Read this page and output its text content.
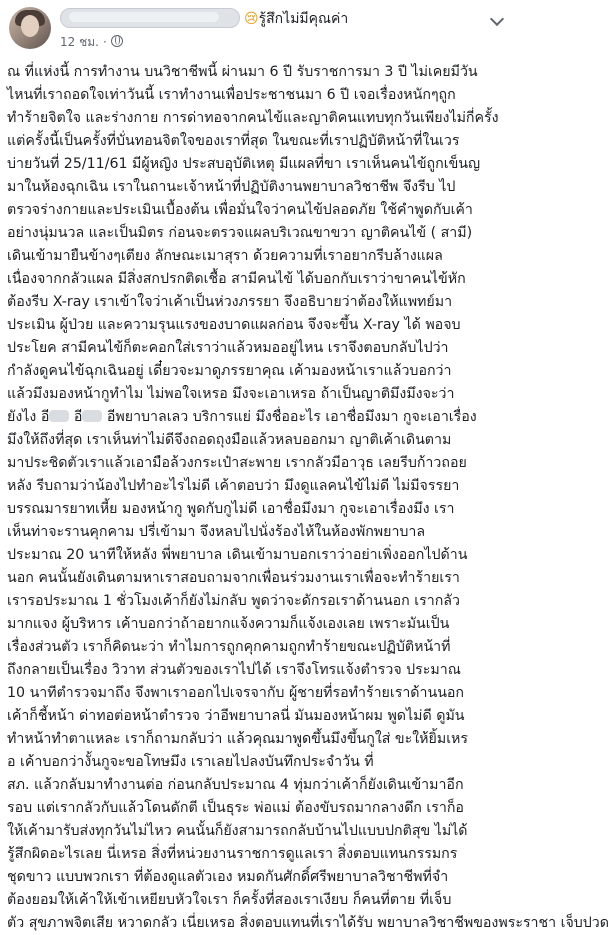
😢รู้สึกไม่มีคุณค่า
12 ชม. ·
ณ ที่แห่งนี้ การทำงาน บนวิชาชีพนี้ ผ่านมา 6 ปี รับราชการมา 3 ปี ไม่เคยมีวัน
ไหนที่เราถอดใจเท่าวันนี้ เราทำงานเพื่อประชาชนมา 6 ปี เจอเรื่องหนักๆถูก
ทำร้ายจิตใจ และร่างกาย การด่าทอจากคนไข้และญาติคนแทบทุกวันเพียงไม่กี่ครั้ง
แต่ครั้งนี้เป็นครั้งที่บั่นทอนจิตใจของเราที่สุด ในขณะที่เราปฏิบัติหน้าที่ในเวร
บ่ายวันที่ 25/11/61 มีผู้หญิง ประสบอุบัติเหตุ มีแผลที่ขา เราเห็นคนไข้ถูกเข็นญ
มาในห้องฉุกเฉิน เราในถานะเจ้าหน้าที่ปฏิบัติงานพยาบาลวิชาชีพ จึงรีบ ไป
ตรวจร่างกายและประเมินเบื้องต้น เพื่อมั่นใจว่าคนไข้ปลอดภัย ใช้คำพูดกับเค้า
อย่างนุ่มนวล และเป็นมิตร ก่อนจะตรวจแผลบริเวณขาขวา ญาติคนไข้ ( สามี)
เดินเข้ามายืนข้างๆเตียง ลักษณะเมาสุรา ด้วยความที่เราอยากรีบล้างแผล
เนื่องจากกลัวแผล มีสิ่งสกปรกติดเชื้อ สามีคนไข้ ได้บอกกับเราว่าขาคนไข้หัก
ต้องรีบ X-ray เราเข้าใจว่าเค้าเป็นห่วงภรรยา จึงอธิบายว่าต้องให้แพทย์มา
ประเมิน ผู้ป่วย และความรุนแรงของบาดแผลก่อน จึงจะขึ้น X-ray ได้ พอจบ
ประโยค สามีคนไข้ก็ตะคอกใส่เราว่าแล้วหมออยู่ไหน เราจึงตอบกลับไปว่า
กำลังดูคนไข้ฉุกเฉินอยู่ เดี๋ยวจะมาดูภรรยาคุณ เค้ามองหน้าเราแล้วบอกว่า
แล้วมึงมองหน้ากูทำไม ไม่พอใจเหรอ มึงจะเอาเหรอ ถ้าเป็นญาติมึงมึงจะว่า
ยังไง อี อี อีพยาบาลเลว บริการแย่ มึงชื่ออะไร เอาชื่อมึงมา กูจะเอาเรื่อง
มึงให้ถึงที่สุด เราเห็นท่าไม่ดีจึงถอดถุงมือแล้วหลบออกมา ญาติเค้าเดินตาม
มาประชิดตัวเราแล้วเอามือล้วงกระเป๋าสะพาย เรากลัวมีอาวุธ เลยรีบก้าวถอย
หลัง รีบถามว่าน้องไปทำอะไรไม่ดี เค้าตอบว่า มึงดูแลคนไข้ไม่ดี ไม่มีจรรยา
บรรณมารยาทเหี้ย มองหน้ากู พูดกับกูไม่ดี เอาชื่อมึงมา กูจะเอาเรื่องมึง เรา
เห็นท่าจะรานคุกคาม ปรี่เข้ามา จึงหลบไปนั่งร้องไห้ในห้องพักพยาบาล
ประมาณ 20 นาทีให้หลัง พี่พยาบาล เดินเข้ามาบอกเราว่าอย่าเพิ่งออกไปด้าน
นอก คนนั้นยังเดินตามหาเราสอบถามจากเพื่อนร่วมงานเราเพื่อจะทำร้ายเรา
เรารอประมาณ 1 ชั่วโมงเค้าก็ยังไม่กลับ พูดว่าจะดักรอเราด้านนอก เรากลัว
มากแจง ผู้บริหาร เค้าบอกว่าถ้าอยากแจ้งความก็แจ้งเองเลย เพราะมันเป็น
เรื่องส่วนตัว เราก็คิดนะว่า ทำไมการถูกคุกคามถูกทำร้ายขณะปฏิบัติหน้าที่
ถึงกลายเป็นเรื่อง วิวาท ส่วนตัวของเราไปได้ เราจึงโทรแจ้งตำรวจ ประมาณ
10 นาทีตำรวจมาถึง จึงพาเราออกไปเจรจากับ ผู้ชายที่รอทำร้ายเราด้านนอก
เค้าก็ชี้หน้า ด่าทอต่อหน้าตำรวจ ว่าอีพยาบาลนี่ มันมองหน้าผม พูดไม่ดี ดูมัน
ทำหน้าทำตาแหละ เราก็ถามกลับว่า แล้วคุณมาพูดขึ้นมึงขึ้นกูใส่ ขะให้ยิ้มเหร
อ เค้าบอกว่างั้นกูจะขอโทษมึง เราเลยไปลงบันทึกประจำวัน ที่
สภ. แล้วกลับมาทำงานต่อ ก่อนกลับประมาณ 4 ทุ่มกว่าเค้าก็ยังเดินเข้ามาอีก
รอบ แต่เรากลัวกับแล้วโดนดักตี เป็นธุระ พ่อแม่ ต้องขับรถมากลางดึก เราก็อ
ให้เค้ามารับส่งทุกวันไม่ไหว คนนั้นก็ยังสามารถกลับบ้านไปแบบปกติสุข ไม่ได้
รู้สึกผิดอะไรเลย นี่เหรอ สิ่งที่หน่วยงานราชการดูแลเรา สิ่งตอบแทนกรรมกร
ชุดขาว แบบพวกเรา ที่ต้องดูแลตัวเอง หมดกันศักดิ์ศรีพยาบาลวิชาชีพที่จำ
ต้องยอมให้เค้าให้เข้าเหยียบหัวใจเรา ก็ครั้งที่สองเราเงียบ ก็คนที่ตาย ที่เจ็บ
ตัว สุขภาพจิตเสีย หวาดกลัว เนี่ยเหรอ สิ่งตอบแทนที่เราได้รับ พยาบาลวิชาชีพของพระราชา เจ็บปวด
